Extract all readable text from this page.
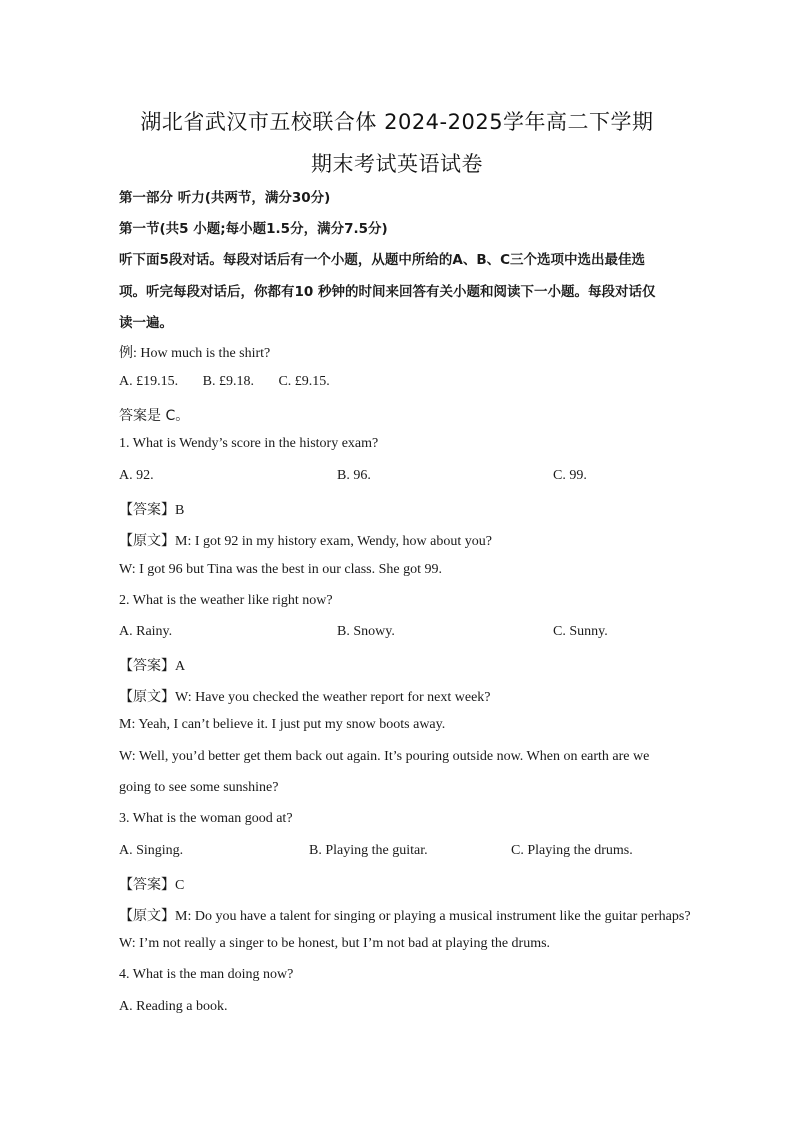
湖北省武汉市五校联合体 2024-2025学年高二下学期
期末考试英语试卷
第一部分 听力(共两节，满分30分)
第一节(共5 小题;每小题1.5分，满分7.5分)
听下面5段对话。每段对话后有一个小题，从题中所给的A、B、C三个选项中选出最佳选
项。听完每段对话后，你都有10 秒钟的时间来回答有关小题和阅读下一小题。每段对话仅
读一遍。
例: How much is the shirt?
A. £19.15.       B. £9.18.       C. £9.15.
答案是 C。
1. What is Wendy’s score in the history exam?
A. 92.	B. 96.	C. 99.
【答案】B
【原文】M: I got 92 in my history exam, Wendy, how about you?
W: I got 96 but Tina was the best in our class. She got 99.
2. What is the weather like right now?
A. Rainy.	B. Snowy.	C. Sunny.
【答案】A
【原文】W: Have you checked the weather report for next week?
M: Yeah, I can’t believe it. I just put my snow boots away.
W: Well, you’d better get them back out again. It’s pouring outside now. When on earth are we
going to see some sunshine?
3. What is the woman good at?
A. Singing.	B. Playing the guitar.	C. Playing the drums.
【答案】C
【原文】M: Do you have a talent for singing or playing a musical instrument like the guitar perhaps?
W: I’m not really a singer to be honest, but I’m not bad at playing the drums.
4. What is the man doing now?
A. Reading a book.
